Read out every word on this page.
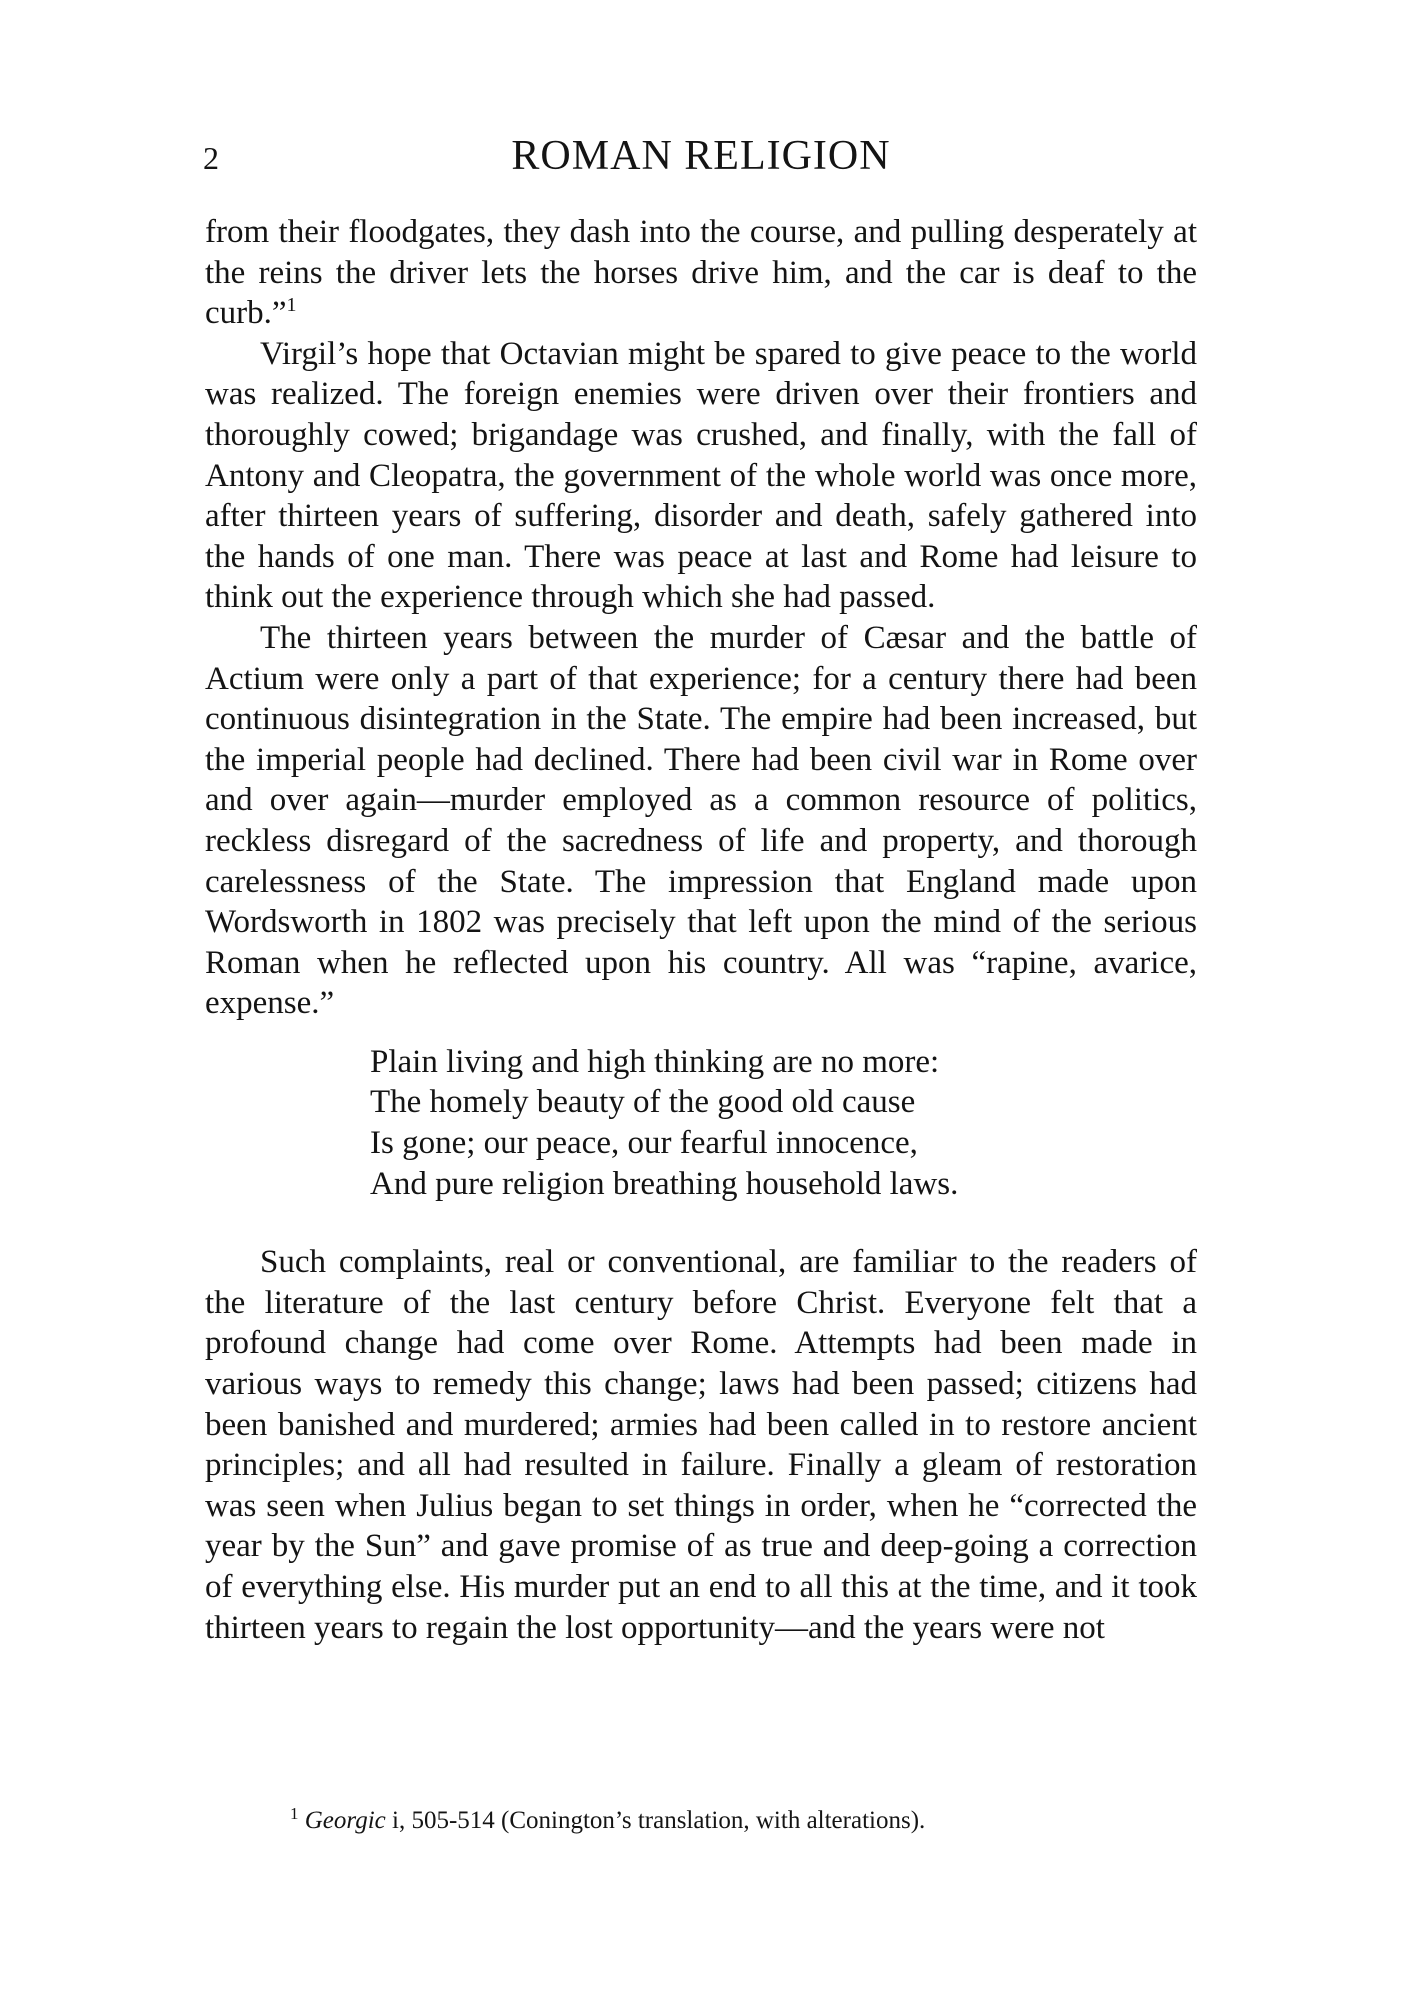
2	ROMAN RELIGION

from their floodgates, they dash into the course, and pulling desperately at the reins the driver lets the horses drive him, and the car is deaf to the curb.”$^1$

Virgil’s hope that Octavian might be spared to give peace to the world was realized. The foreign enemies were driven over their frontiers and thoroughly cowed; brigandage was crushed, and finally, with the fall of Antony and Cleopatra, the government of the whole world was once more, after thirteen years of suffering, disorder and death, safely gathered into the hands of one man. There was peace at last and Rome had leisure to think out the experience through which she had passed.

The thirteen years between the murder of Cæsar and the battle of Actium were only a part of that experience; for a century there had been continuous disintegration in the State. The empire had been increased, but the imperial people had declined. There had been civil war in Rome over and over again—murder employed as a common resource of politics, reckless disregard of the sacredness of life and property, and thorough carelessness of the State. The impression that England made upon Wordsworth in 1802 was precisely that left upon the mind of the serious Roman when he reflected upon his country. All was “rapine, avarice, expense.”

Plain living and high thinking are no more:
The homely beauty of the good old cause
Is gone; our peace, our fearful innocence,
And pure religion breathing household laws.

Such complaints, real or conventional, are familiar to the readers of the literature of the last century before Christ. Everyone felt that a profound change had come over Rome. Attempts had been made in various ways to remedy this change; laws had been passed; citizens had been banished and murdered; armies had been called in to restore ancient principles; and all had resulted in failure. Finally a gleam of restoration was seen when Julius began to set things in order, when he “corrected the year by the Sun” and gave promise of as true and deep-going a correction of everything else. His murder put an end to all this at the time, and it took thirteen years to regain the lost opportunity—and the years were not

$^1$ Georgic i, 505-514 (Conington’s translation, with alterations).
